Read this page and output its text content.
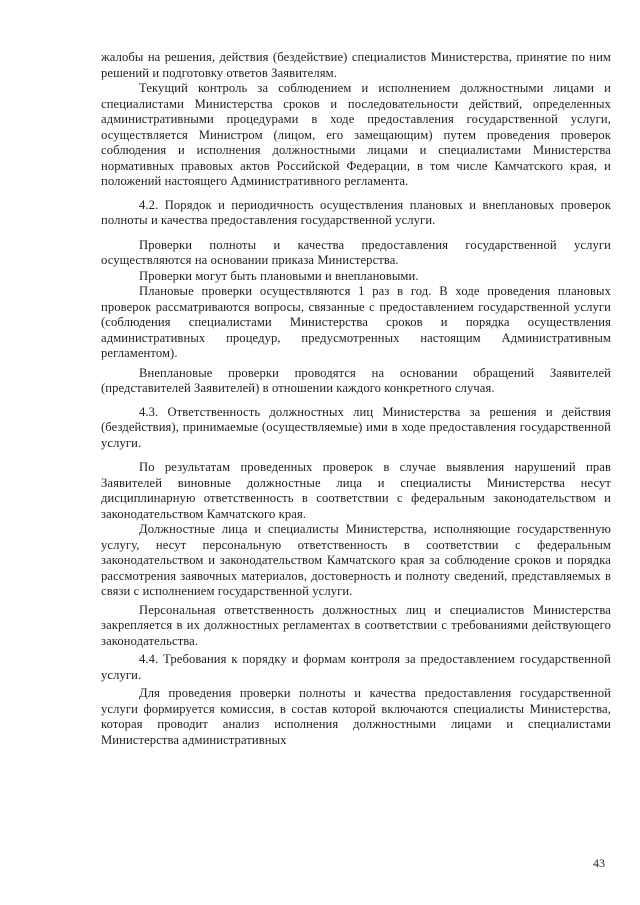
жалобы на решения, действия (бездействие) специалистов Министерства, принятие по ним решений и подготовку ответов Заявителям.

Текущий контроль за соблюдением и исполнением должностными лицами и специалистами Министерства сроков и последовательности действий, определенных административными процедурами в ходе предоставления государственной услуги, осуществляется Министром (лицом, его замещающим) путем проведения проверок соблюдения и исполнения должностными лицами и специалистами Министерства нормативных правовых актов Российской Федерации, в том числе Камчатского края, и положений настоящего Административного регламента.

4.2. Порядок и периодичность осуществления плановых и внеплановых проверок полноты и качества предоставления государственной услуги.

Проверки полноты и качества предоставления государственной услуги осуществляются на основании приказа Министерства.

Проверки могут быть плановыми и внеплановыми.

Плановые проверки осуществляются 1 раз в год. В ходе проведения плановых проверок рассматриваются вопросы, связанные с предоставлением государственной услуги (соблюдения специалистами Министерства сроков и порядка осуществления административных процедур, предусмотренных настоящим Административным регламентом).

Внеплановые проверки проводятся на основании обращений Заявителей (представителей Заявителей) в отношении каждого конкретного случая.

4.3. Ответственность должностных лиц Министерства за решения и действия (бездействия), принимаемые (осуществляемые) ими в ходе предоставления государственной услуги.

По результатам проведенных проверок в случае выявления нарушений прав Заявителей виновные должностные лица и специалисты Министерства несут дисциплинарную ответственность в соответствии с федеральным законодательством и законодательством Камчатского края.

Должностные лица и специалисты Министерства, исполняющие государственную услугу, несут персональную ответственность в соответствии с федеральным законодательством и законодательством Камчатского края за соблюдение сроков и порядка рассмотрения заявочных материалов, достоверность и полноту сведений, представляемых в связи с исполнением государственной услуги.

Персональная ответственность должностных лиц и специалистов Министерства закрепляется в их должностных регламентах в соответствии с требованиями действующего законодательства.

4.4. Требования к порядку и формам контроля за предоставлением государственной услуги.

Для проведения проверки полноты и качества предоставления государственной услуги формируется комиссия, в состав которой включаются специалисты Министерства, которая проводит анализ исполнения должностными лицами и специалистами Министерства административных

43
